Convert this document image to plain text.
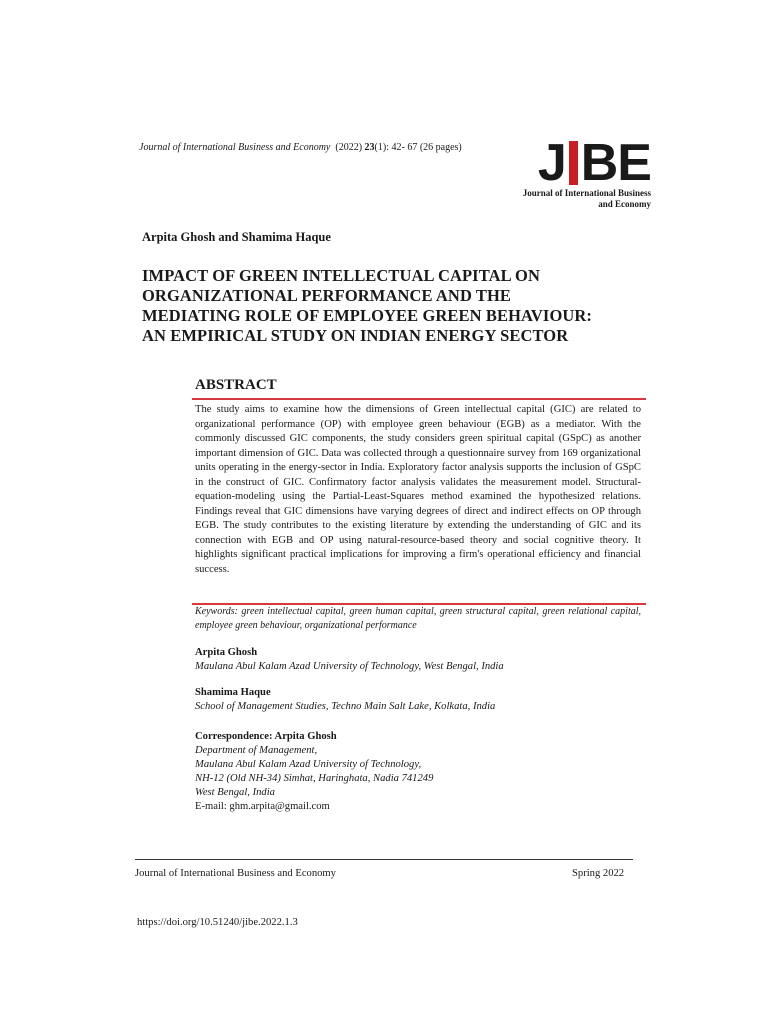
Journal of International Business and Economy (2022) 23(1): 42- 67 (26 pages) J BE
Journal of International Business
and Economy
Arpita Ghosh and Shamima Haque
IMPACT OF GREEN INTELLECTUAL CAPITAL ON
ORGANIZATIONAL PERFORMANCE AND THE
MEDIATING ROLE OF EMPLOYEE GREEN BEHAVIOUR:
AN EMPIRICAL STUDY ON INDIAN ENERGY SECTOR
ABSTRACT
The study aims to examine how the dimensions of Green intellectual capital (GIC) are related to organizational performance (OP) with employee green behaviour (EGB) as a mediator. With the commonly discussed GIC components, the study considers green spiritual capital (GSpC) as another important dimension of GIC. Data was collected through a questionnaire survey from 169 organizational units operating in the energy-sector in India. Exploratory factor analysis supports the inclusion of GSpC in the construct of GIC. Confirmatory factor analysis validates the measurement model. Structural-equation-modeling using the Partial-Least-Squares method examined the hypothesized relations. Findings reveal that GIC dimensions have varying degrees of direct and indirect effects on OP through EGB. The study contributes to the existing literature by extending the understanding of GIC and its connection with EGB and OP using natural-resource-based theory and social cognitive theory. It highlights significant practical implications for improving a firm's operational efficiency and financial success.
Keywords: green intellectual capital, green human capital, green structural capital, green relational capital, employee green behaviour, organizational performance
Arpita Ghosh
Maulana Abul Kalam Azad University of Technology, West Bengal, India
Shamima Haque
School of Management Studies, Techno Main Salt Lake, Kolkata, India
Correspondence: Arpita Ghosh
Department of Management,
Maulana Abul Kalam Azad University of Technology,
NH-12 (Old NH-34) Simhat, Haringhata, Nadia 741249
West Bengal, India
E-mail: ghm.arpita@gmail.com
Journal of International Business and Economy	Spring 2022
https://doi.org/10.51240/jibe.2022.1.3
